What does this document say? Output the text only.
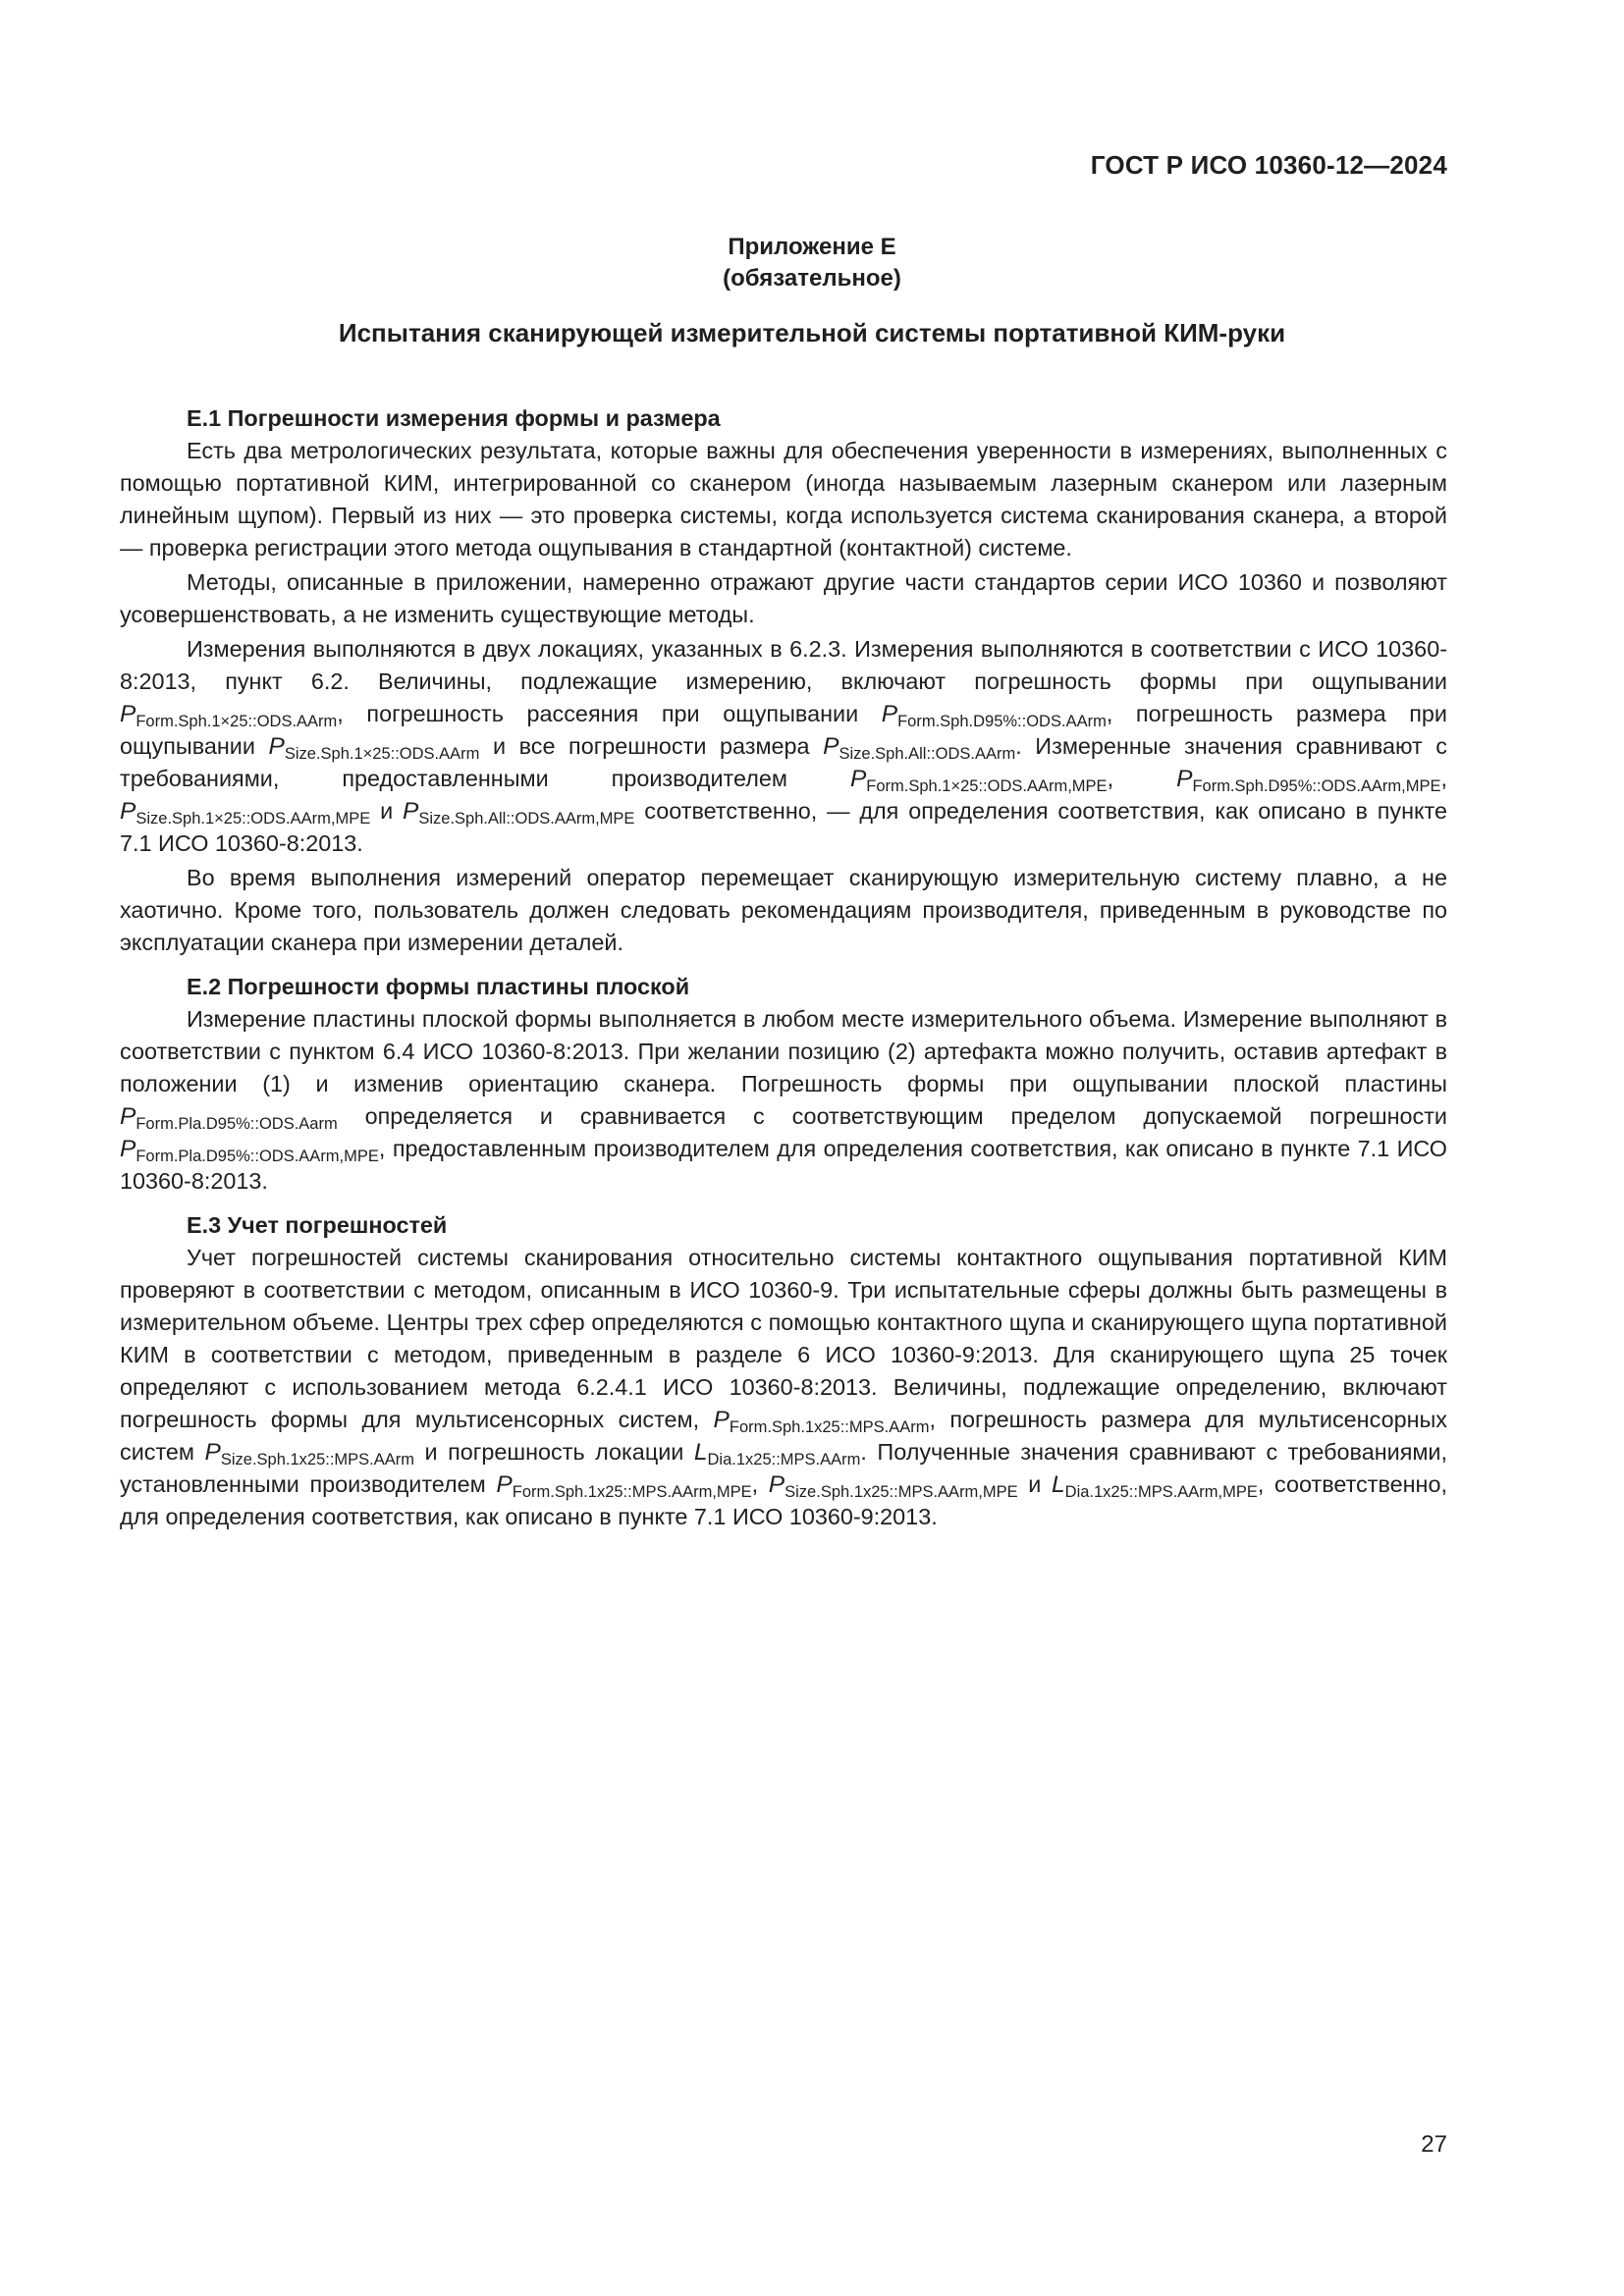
ГОСТ Р ИСО 10360-12—2024

Приложение Е
(обязательное)

Испытания сканирующей измерительной системы портативной КИМ-руки

Е.1 Погрешности измерения формы и размера

Есть два метрологических результата, которые важны для обеспечения уверенности в измерениях, выполненных с помощью портативной КИМ, интегрированной со сканером (иногда называемым лазерным сканером или лазерным линейным щупом). Первый из них — это проверка системы, когда используется система сканирования сканера, а второй — проверка регистрации этого метода ощупывания в стандартной (контактной) системе.

Методы, описанные в приложении, намеренно отражают другие части стандартов серии ИСО 10360 и позволяют усовершенствовать, а не изменить существующие методы.

Измерения выполняются в двух локациях, указанных в 6.2.3. Измерения выполняются в соответствии с ИСО 10360-8:2013, пункт 6.2. Величины, подлежащие измерению, включают погрешность формы при ощупывании $P_{Form.Sph.1\times 25::ODS.AArm}$, погрешность рассеяния при ощупывании $P_{Form.Sph.D95\%::ODS.AArm}$, погрешность размера при ощупывании $P_{Size.Sph.1\times 25::ODS.AArm}$ и все погрешности размера $P_{Size.Sph.All::ODS.AArm}$. Измеренные значения сравнивают с требованиями, предоставленными производителем $P_{Form.Sph.1\times 25::ODS.AArm,MPE}$, $P_{Form.Sph.D95\%::ODS.AArm,MPE}$, $P_{Size.Sph.1\times 25::ODS.AArm,MPE}$ и $P_{Size.Sph.All::ODS.AArm,MPE}$ соответственно, — для определения соответствия, как описано в пункте 7.1 ИСО 10360-8:2013.

Во время выполнения измерений оператор перемещает сканирующую измерительную систему плавно, а не хаотично. Кроме того, пользователь должен следовать рекомендациям производителя, приведенным в руководстве по эксплуатации сканера при измерении деталей.

Е.2 Погрешности формы пластины плоской

Измерение пластины плоской формы выполняется в любом месте измерительного объема. Измерение выполняют в соответствии с пунктом 6.4 ИСО 10360-8:2013. При желании позицию (2) артефакта можно получить, оставив артефакт в положении (1) и изменив ориентацию сканера. Погрешность формы при ощупывании плоской пластины $P_{Form.Pla.D95\%::ODS.Aarm}$ определяется и сравнивается с соответствующим пределом допускаемой погрешности $P_{Form.Pla.D95\%::ODS.AArm,MPE}$, предоставленным производителем для определения соответствия, как описано в пункте 7.1 ИСО 10360-8:2013.

Е.3 Учет погрешностей

Учет погрешностей системы сканирования относительно системы контактного ощупывания портативной КИМ проверяют в соответствии с методом, описанным в ИСО 10360-9. Три испытательные сферы должны быть размещены в измерительном объеме. Центры трех сфер определяются с помощью контактного щупа и сканирующего щупа портативной КИМ в соответствии с методом, приведенным в разделе 6 ИСО 10360-9:2013. Для сканирующего щупа 25 точек определяют с использованием метода 6.2.4.1 ИСО 10360-8:2013. Величины, подлежащие определению, включают погрешность формы для мультисенсорных систем, $P_{Form.Sph.1x25::MPS.AArm}$, погрешность размера для мультисенсорных систем $P_{Size.Sph.1x25::MPS.AArm}$ и погрешность локации $L_{Dia.1x25::MPS.AArm}$. Полученные значения сравнивают с требованиями, установленными производителем $P_{Form.Sph.1x25::MPS.AArm,MPE}$, $P_{Size.Sph.1x25::MPS.AArm,MPE}$ и $L_{Dia.1x25::MPS.AArm,MPE}$, соответственно, для определения соответствия, как описано в пункте 7.1 ИСО 10360-9:2013.

27
